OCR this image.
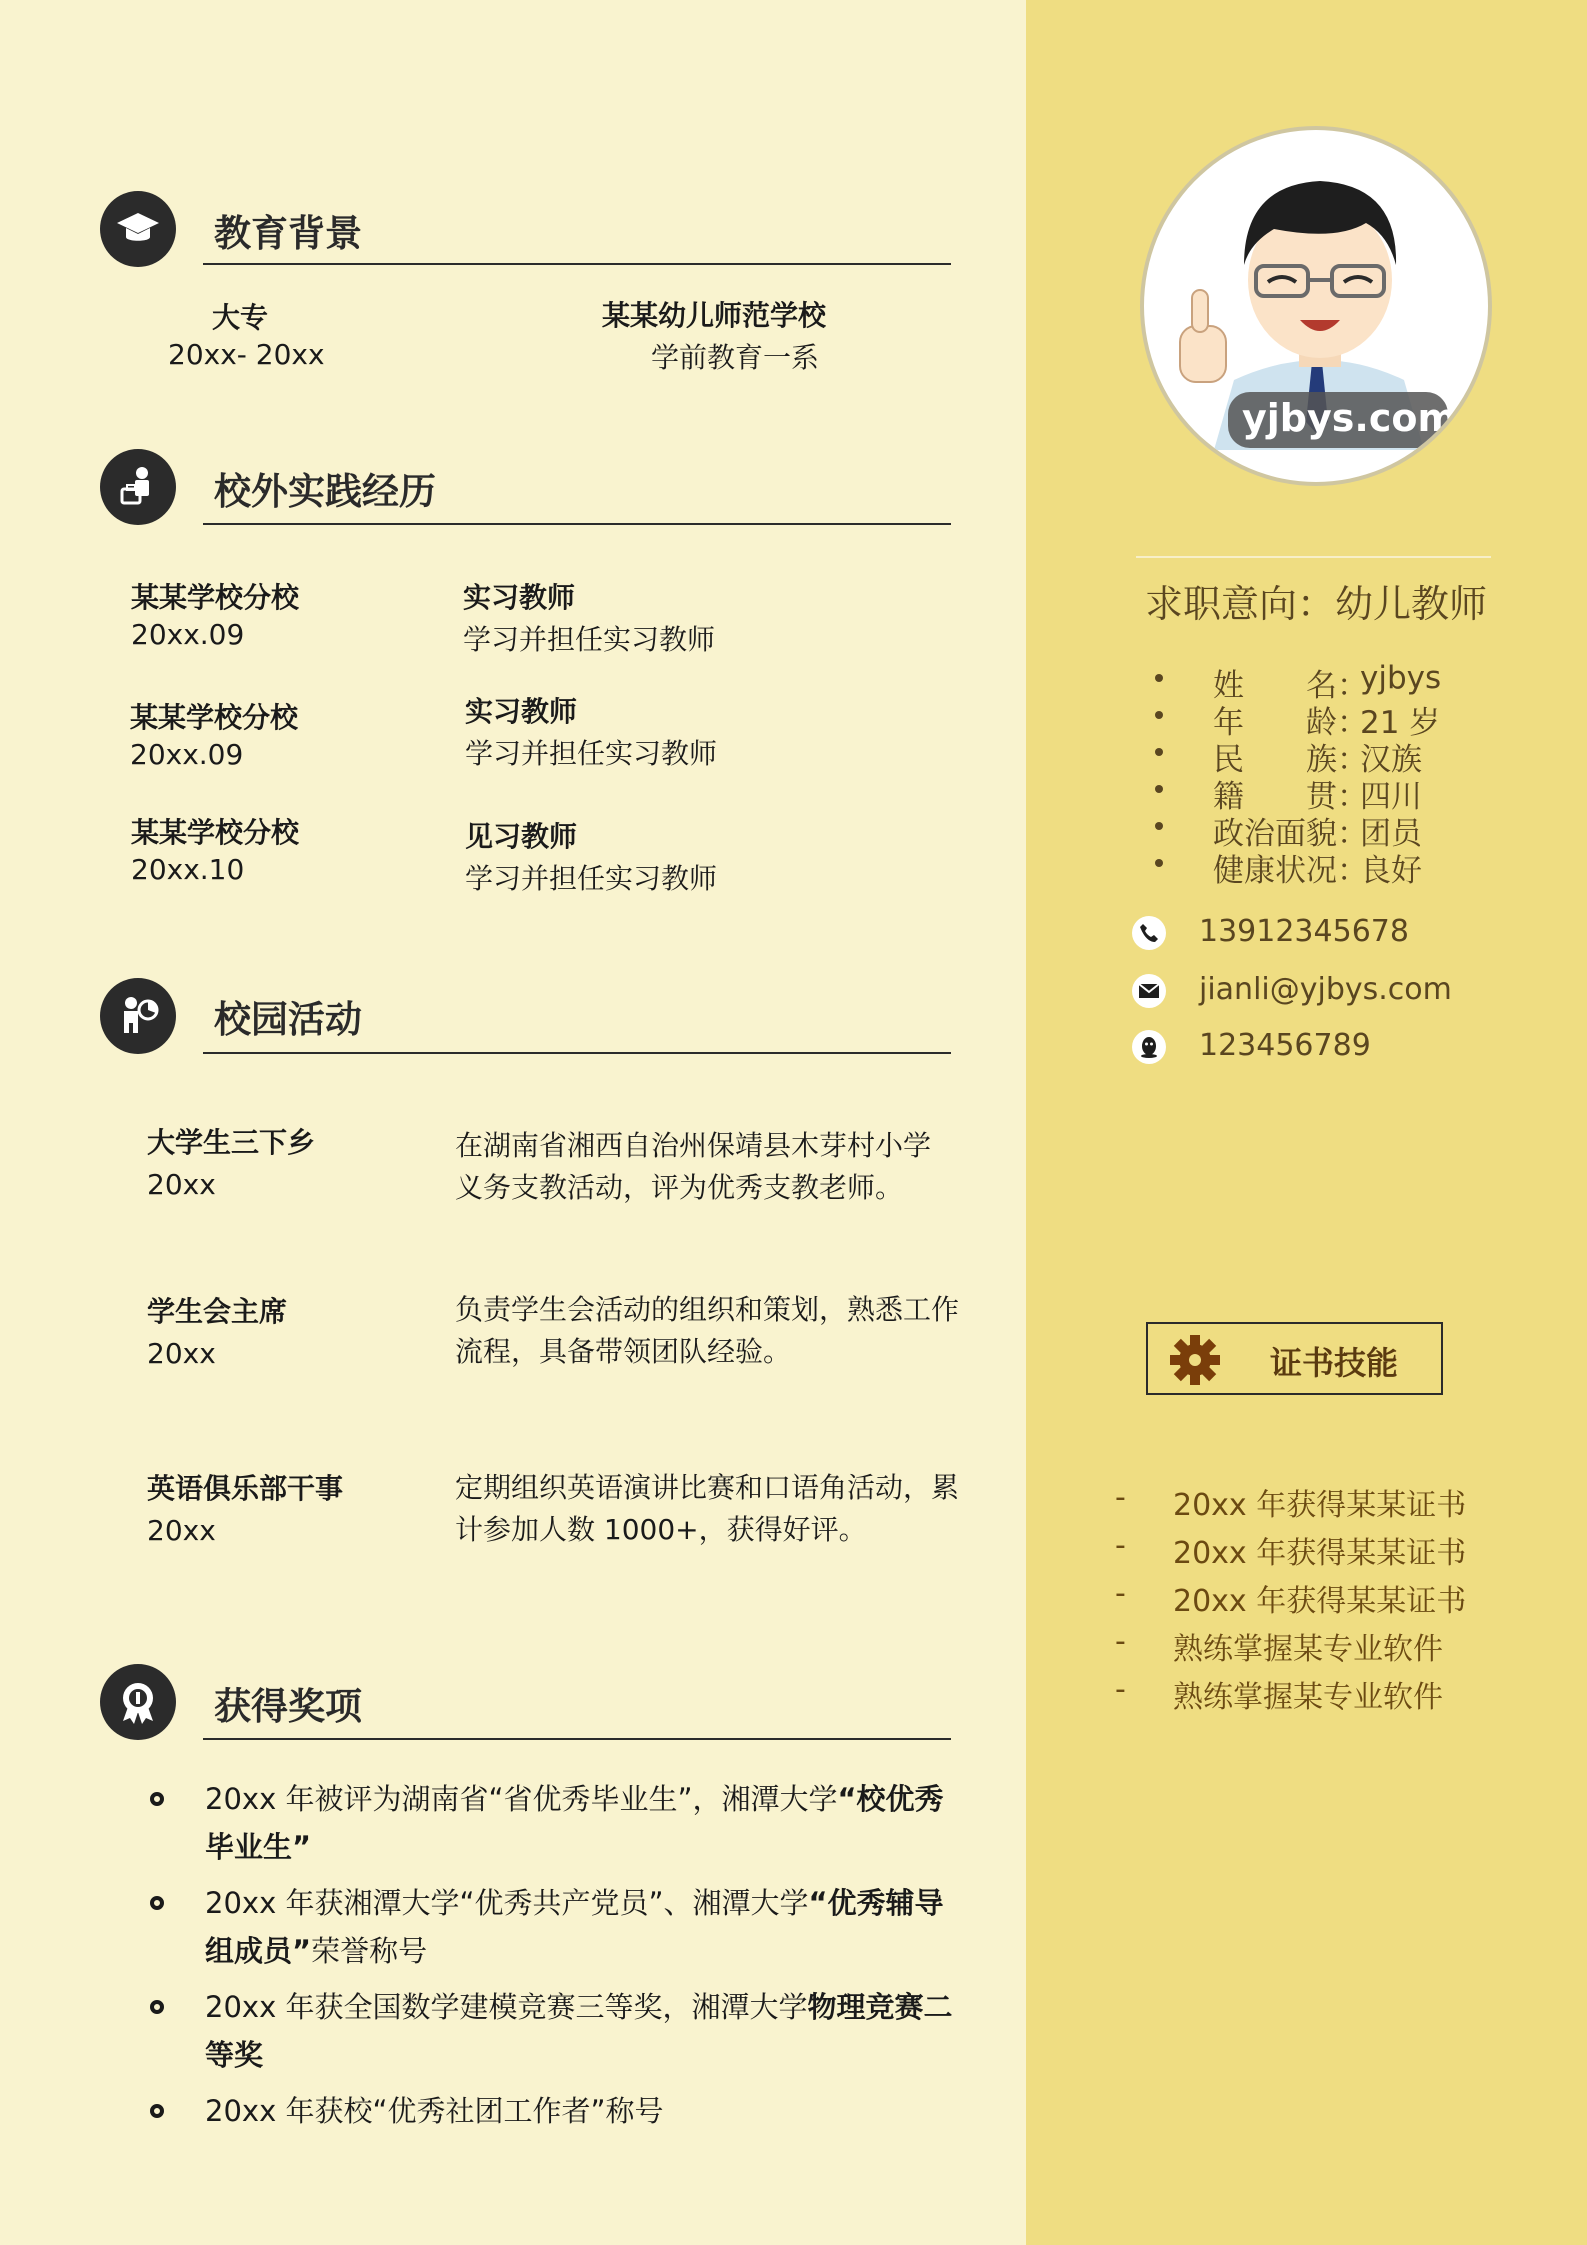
教育背景
大专
20xx- 20xx
某某幼儿师范学校
学前教育一系
校外实践经历
某某学校分校
20xx.09
实习教师
学习并担任实习教师
某某学校分校
20xx.09
实习教师
学习并担任实习教师
某某学校分校
20xx.10
见习教师
学习并担任实习教师
校园活动
大学生三下乡
20xx
在湖南省湘西自治州保靖县木芽村小学
义务支教活动，评为优秀支教老师。
学生会主席
20xx
负责学生会活动的组织和策划，熟悉工作
流程，具备带领团队经验。
英语俱乐部干事
20xx
定期组织英语演讲比赛和口语角活动，累
计参加人数 1000+，获得好评。
获得奖项
20xx 年被评为湖南省“省优秀毕业生”，湘潭大学“校优秀毕业生”
20xx 年获湘潭大学“优秀共产党员”、湘潭大学“优秀辅导组成员”荣誉称号
20xx 年获全国数学建模竞赛三等奖，湘潭大学物理竞赛二等奖
20xx 年获校“优秀社团工作者”称号
yjbys.com
求职意向：幼儿教师
姓　　名：
yjbys
年　　龄：
21 岁
民　　族：
汉族
籍　　贯：
四川
政治面貌：
团员
健康状况：
良好
13912345678
jianli@yjbys.com
123456789
证书技能
- 20xx 年获得某某证书
- 20xx 年获得某某证书
- 20xx 年获得某某证书
- 熟练掌握某专业软件
- 熟练掌握某专业软件
